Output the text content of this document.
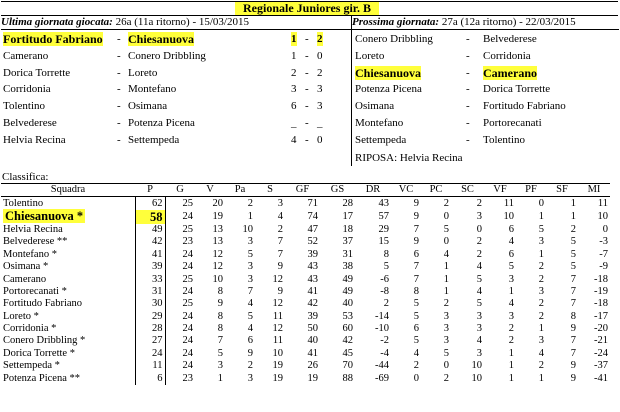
Regionale Juniores gir. B
Ultima giornata giocata: 26a (11a ritorno) - 15/03/2015
Fortitudo Fabriano - Chiesanuova	1 - 2
Camerano	- Conero Dribbling	1 - 0
Dorica Torrette	- Loreto	2 - 2
Corridonia	- Montefano	3 - 3
Tolentino	- Osimana	6 - 3
Belvederese	- Potenza Picena	_ - _
Helvia Recina	- Settempeda	4 - 0
Prossima giornata: 27a (12a ritorno) - 22/03/2015
Conero Dribbling	- Belvederese
Loreto	- Corridonia
Chiesanuova	- Camerano
Potenza Picena	- Dorica Torrette
Osimana	- Fortitudo Fabriano
Montefano	- Portorecanati
Settempeda	- Tolentino
RIPOSA: Helvia Recina
Classifica:
Squadra	P	G	V	Pa	S	GF	GS	DR	VC	PC	SC	VF	PF	SF	MI
Tolentino	62	25	20	2	3	71	28	43	9	2	2	11	0	1	11
Chiesanuova *	58	24	19	1	4	74	17	57	9	0	3	10	1	1	10
Helvia Recina	49	25	13	10	2	47	18	29	7	5	0	6	5	2	0
Belvederese **	42	23	13	3	7	52	37	15	9	0	2	4	3	5	-3
Montefano *	41	24	12	5	7	39	31	8	6	4	2	6	1	5	-7
Osimana *	39	24	12	3	9	43	38	5	7	1	4	5	2	5	-9
Camerano	33	25	10	3	12	43	49	-6	7	1	5	3	2	7	-18
Portorecanati *	31	24	8	7	9	41	49	-8	8	1	4	1	3	7	-19
Fortitudo Fabriano	30	25	9	4	12	42	40	2	5	2	5	4	2	7	-18
Loreto *	29	24	8	5	11	39	53	-14	5	3	3	3	2	8	-17
Corridonia *	28	24	8	4	12	50	60	-10	6	3	3	2	1	9	-20
Conero Dribbling *	27	24	7	6	11	40	42	-2	5	3	4	2	3	7	-21
Dorica Torrette *	24	24	5	9	10	41	45	-4	4	5	3	1	4	7	-24
Settempeda *	11	24	3	2	19	26	70	-44	2	0	10	1	2	9	-37
Potenza Picena **	6	23	1	3	19	19	88	-69	0	2	10	1	1	9	-41
